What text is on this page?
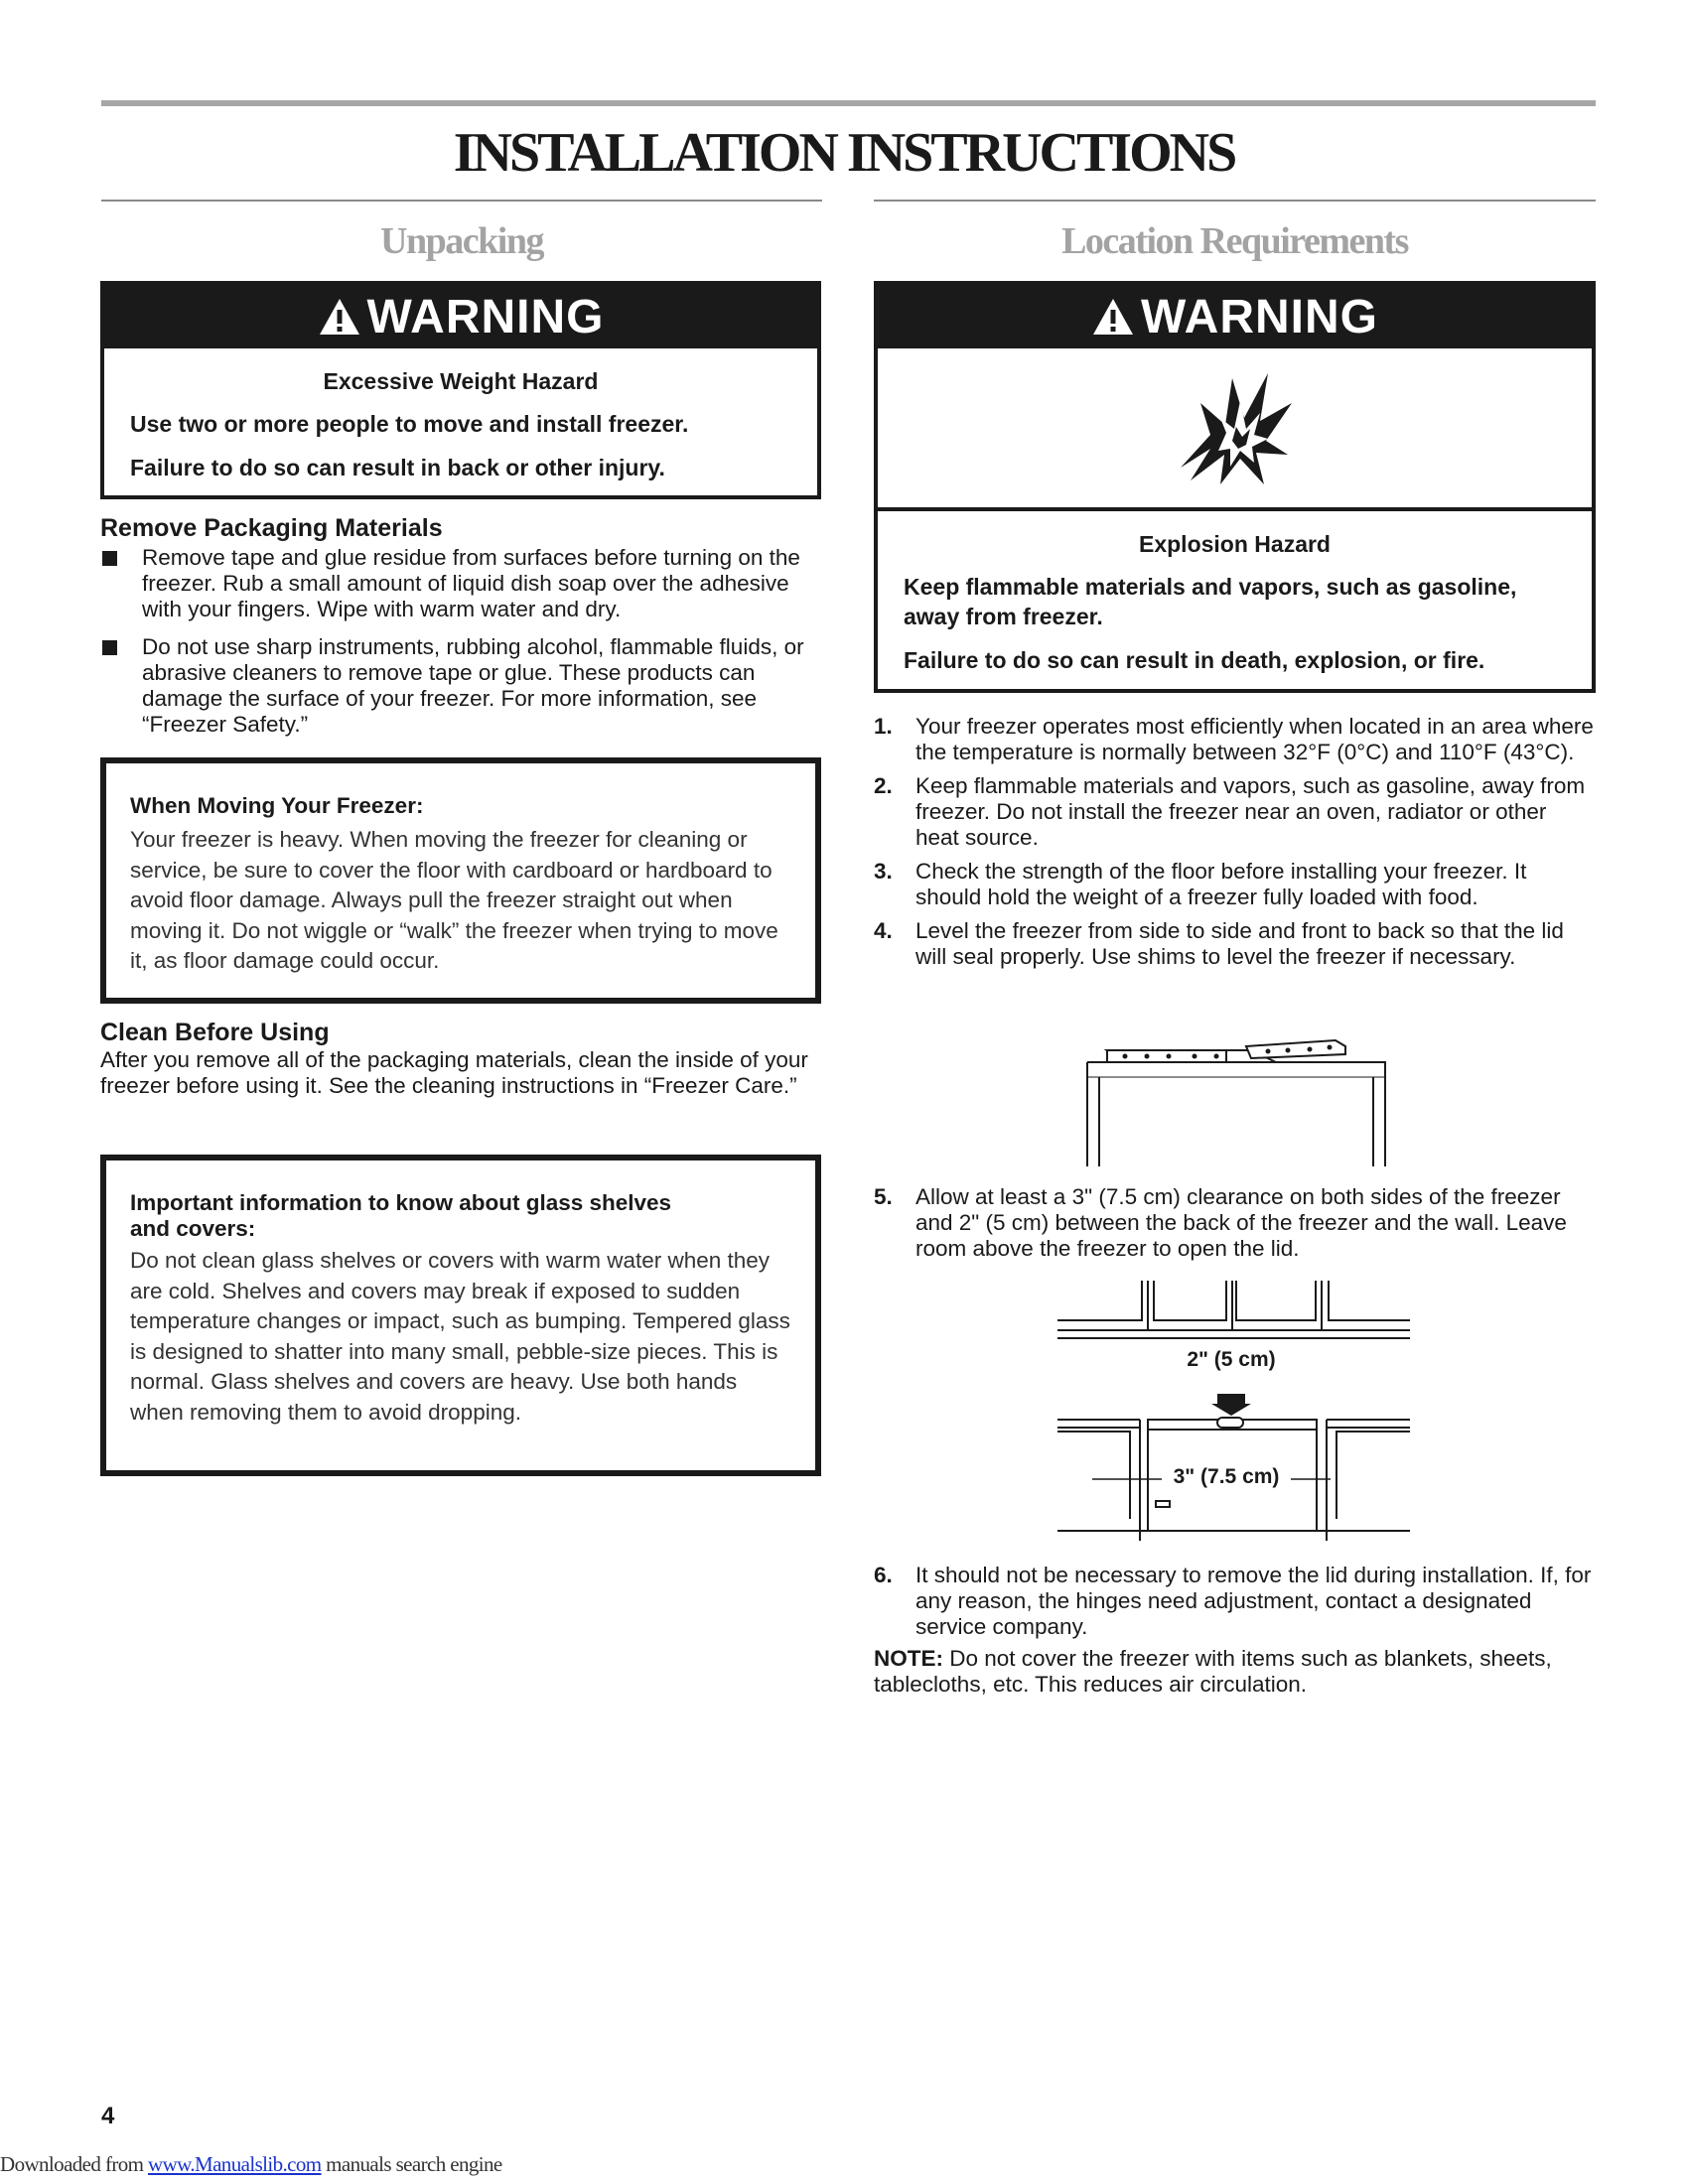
INSTALLATION INSTRUCTIONS
Unpacking
WARNING
Excessive Weight Hazard

Use two or more people to move and install freezer.

Failure to do so can result in back or other injury.

Remove Packaging Materials
Remove tape and glue residue from surfaces before turning on the freezer. Rub a small amount of liquid dish soap over the adhesive with your fingers. Wipe with warm water and dry.
Do not use sharp instruments, rubbing alcohol, flammable fluids, or abrasive cleaners to remove tape or glue. These products can damage the surface of your freezer. For more information, see “Freezer Safety.”
When Moving Your Freezer:
Your freezer is heavy. When moving the freezer for cleaning or service, be sure to cover the floor with cardboard or hardboard to avoid floor damage. Always pull the freezer straight out when moving it. Do not wiggle or “walk” the freezer when trying to move it, as floor damage could occur.
Clean Before Using
After you remove all of the packaging materials, clean the inside of your freezer before using it. See the cleaning instructions in “Freezer Care.”
Important information to know about glass shelves and covers:
Do not clean glass shelves or covers with warm water when they are cold. Shelves and covers may break if exposed to sudden temperature changes or impact, such as bumping. Tempered glass is designed to shatter into many small, pebble-size pieces. This is normal. Glass shelves and covers are heavy. Use both hands when removing them to avoid dropping.
Location Requirements
WARNING
Explosion Hazard

Keep flammable materials and vapors, such as gasoline, away from freezer.

Failure to do so can result in death, explosion, or fire.

1. Your freezer operates most efficiently when located in an area where the temperature is normally between 32°F (0°C) and 110°F (43°C).
2. Keep flammable materials and vapors, such as gasoline, away from freezer. Do not install the freezer near an oven, radiator or other heat source.
3. Check the strength of the floor before installing your freezer. It should hold the weight of a freezer fully loaded with food.
4. Level the freezer from side to side and front to back so that the lid will seal properly. Use shims to level the freezer if necessary.
5. Allow at least a 3" (7.5 cm) clearance on both sides of the freezer and 2" (5 cm) between the back of the freezer and the wall. Leave room above the freezer to open the lid.
2" (5 cm)
3" (7.5 cm)
6. It should not be necessary to remove the lid during installation. If, for any reason, the hinges need adjustment, contact a designated service company.
NOTE: Do not cover the freezer with items such as blankets, sheets, tablecloths, etc. This reduces air circulation.
4
Downloaded from www.Manualslib.com manuals search engine
